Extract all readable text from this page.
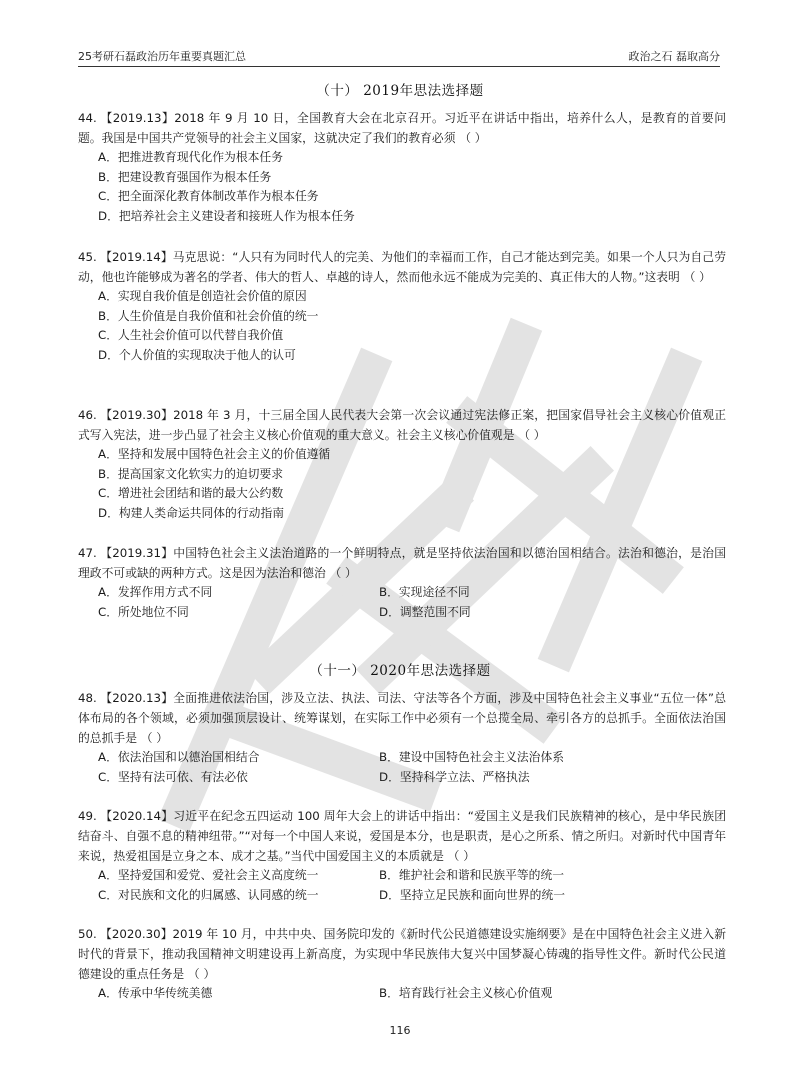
25考研石磊政治历年重要真题汇总	政治之石 磊取高分
（十） 2019年思法选择题
44. 【2019.13】2018 年 9 月 10 日，全国教育大会在北京召开。习近平在讲话中指出，培养什么人，是教育的首要问题。我国是中国共产党领导的社会主义国家，这就决定了我们的教育必须 （ ）
A．把推进教育现代化作为根本任务
B．把建设教育强国作为根本任务
C．把全面深化教育体制改革作为根本任务
D．把培养社会主义建设者和接班人作为根本任务
45. 【2019.14】马克思说：“人只有为同时代人的完美、为他们的幸福而工作，自己才能达到完美。如果一个人只为自己劳动，他也许能够成为著名的学者、伟大的哲人、卓越的诗人，然而他永远不能成为完美的、真正伟大的人物。”这表明 （ ）
A．实现自我价值是创造社会价值的原因
B．人生价值是自我价值和社会价值的统一
C．人生社会价值可以代替自我价值
D．个人价值的实现取决于他人的认可
46. 【2019.30】2018 年 3 月，十三届全国人民代表大会第一次会议通过宪法修正案，把国家倡导社会主义核心价值观正式写入宪法，进一步凸显了社会主义核心价值观的重大意义。社会主义核心价值观是 （ ）
A．坚持和发展中国特色社会主义的价值遵循
B．提高国家文化软实力的迫切要求
C．增进社会团结和谐的最大公约数
D．构建人类命运共同体的行动指南
47. 【2019.31】中国特色社会主义法治道路的一个鲜明特点，就是坚持依法治国和以德治国相结合。法治和德治，是治国理政不可或缺的两种方式。这是因为法治和德治 （ ）
A．发挥作用方式不同	B．实现途径不同
C．所处地位不同	D．调整范围不同
（十一） 2020年思法选择题
48. 【2020.13】全面推进依法治国，涉及立法、执法、司法、守法等各个方面，涉及中国特色社会主义事业“五位一体”总体布局的各个领域，必须加强顶层设计、统筹谋划，在实际工作中必须有一个总揽全局、牵引各方的总抓手。全面依法治国的总抓手是 （ ）
A．依法治国和以德治国相结合	B．建设中国特色社会主义法治体系
C．坚持有法可依、有法必依	D．坚持科学立法、严格执法
49. 【2020.14】习近平在纪念五四运动 100 周年大会上的讲话中指出：“爱国主义是我们民族精神的核心，是中华民族团结奋斗、自强不息的精神纽带。”“对每一个中国人来说，爱国是本分，也是职责，是心之所系、情之所归。对新时代中国青年来说，热爱祖国是立身之本、成才之基。”当代中国爱国主义的本质就是 （ ）
A．坚持爱国和爱党、爱社会主义高度统一	B．维护社会和谐和民族平等的统一
C．对民族和文化的归属感、认同感的统一	D．坚持立足民族和面向世界的统一
50. 【2020.30】2019 年 10 月，中共中央、国务院印发的《新时代公民道德建设实施纲要》是在中国特色社会主义进入新时代的背景下，推动我国精神文明建设再上新高度，为实现中华民族伟大复兴中国梦凝心铸魂的指导性文件。新时代公民道德建设的重点任务是 （ ）
A．传承中华传统美德	B．培育践行社会主义核心价值观
116
